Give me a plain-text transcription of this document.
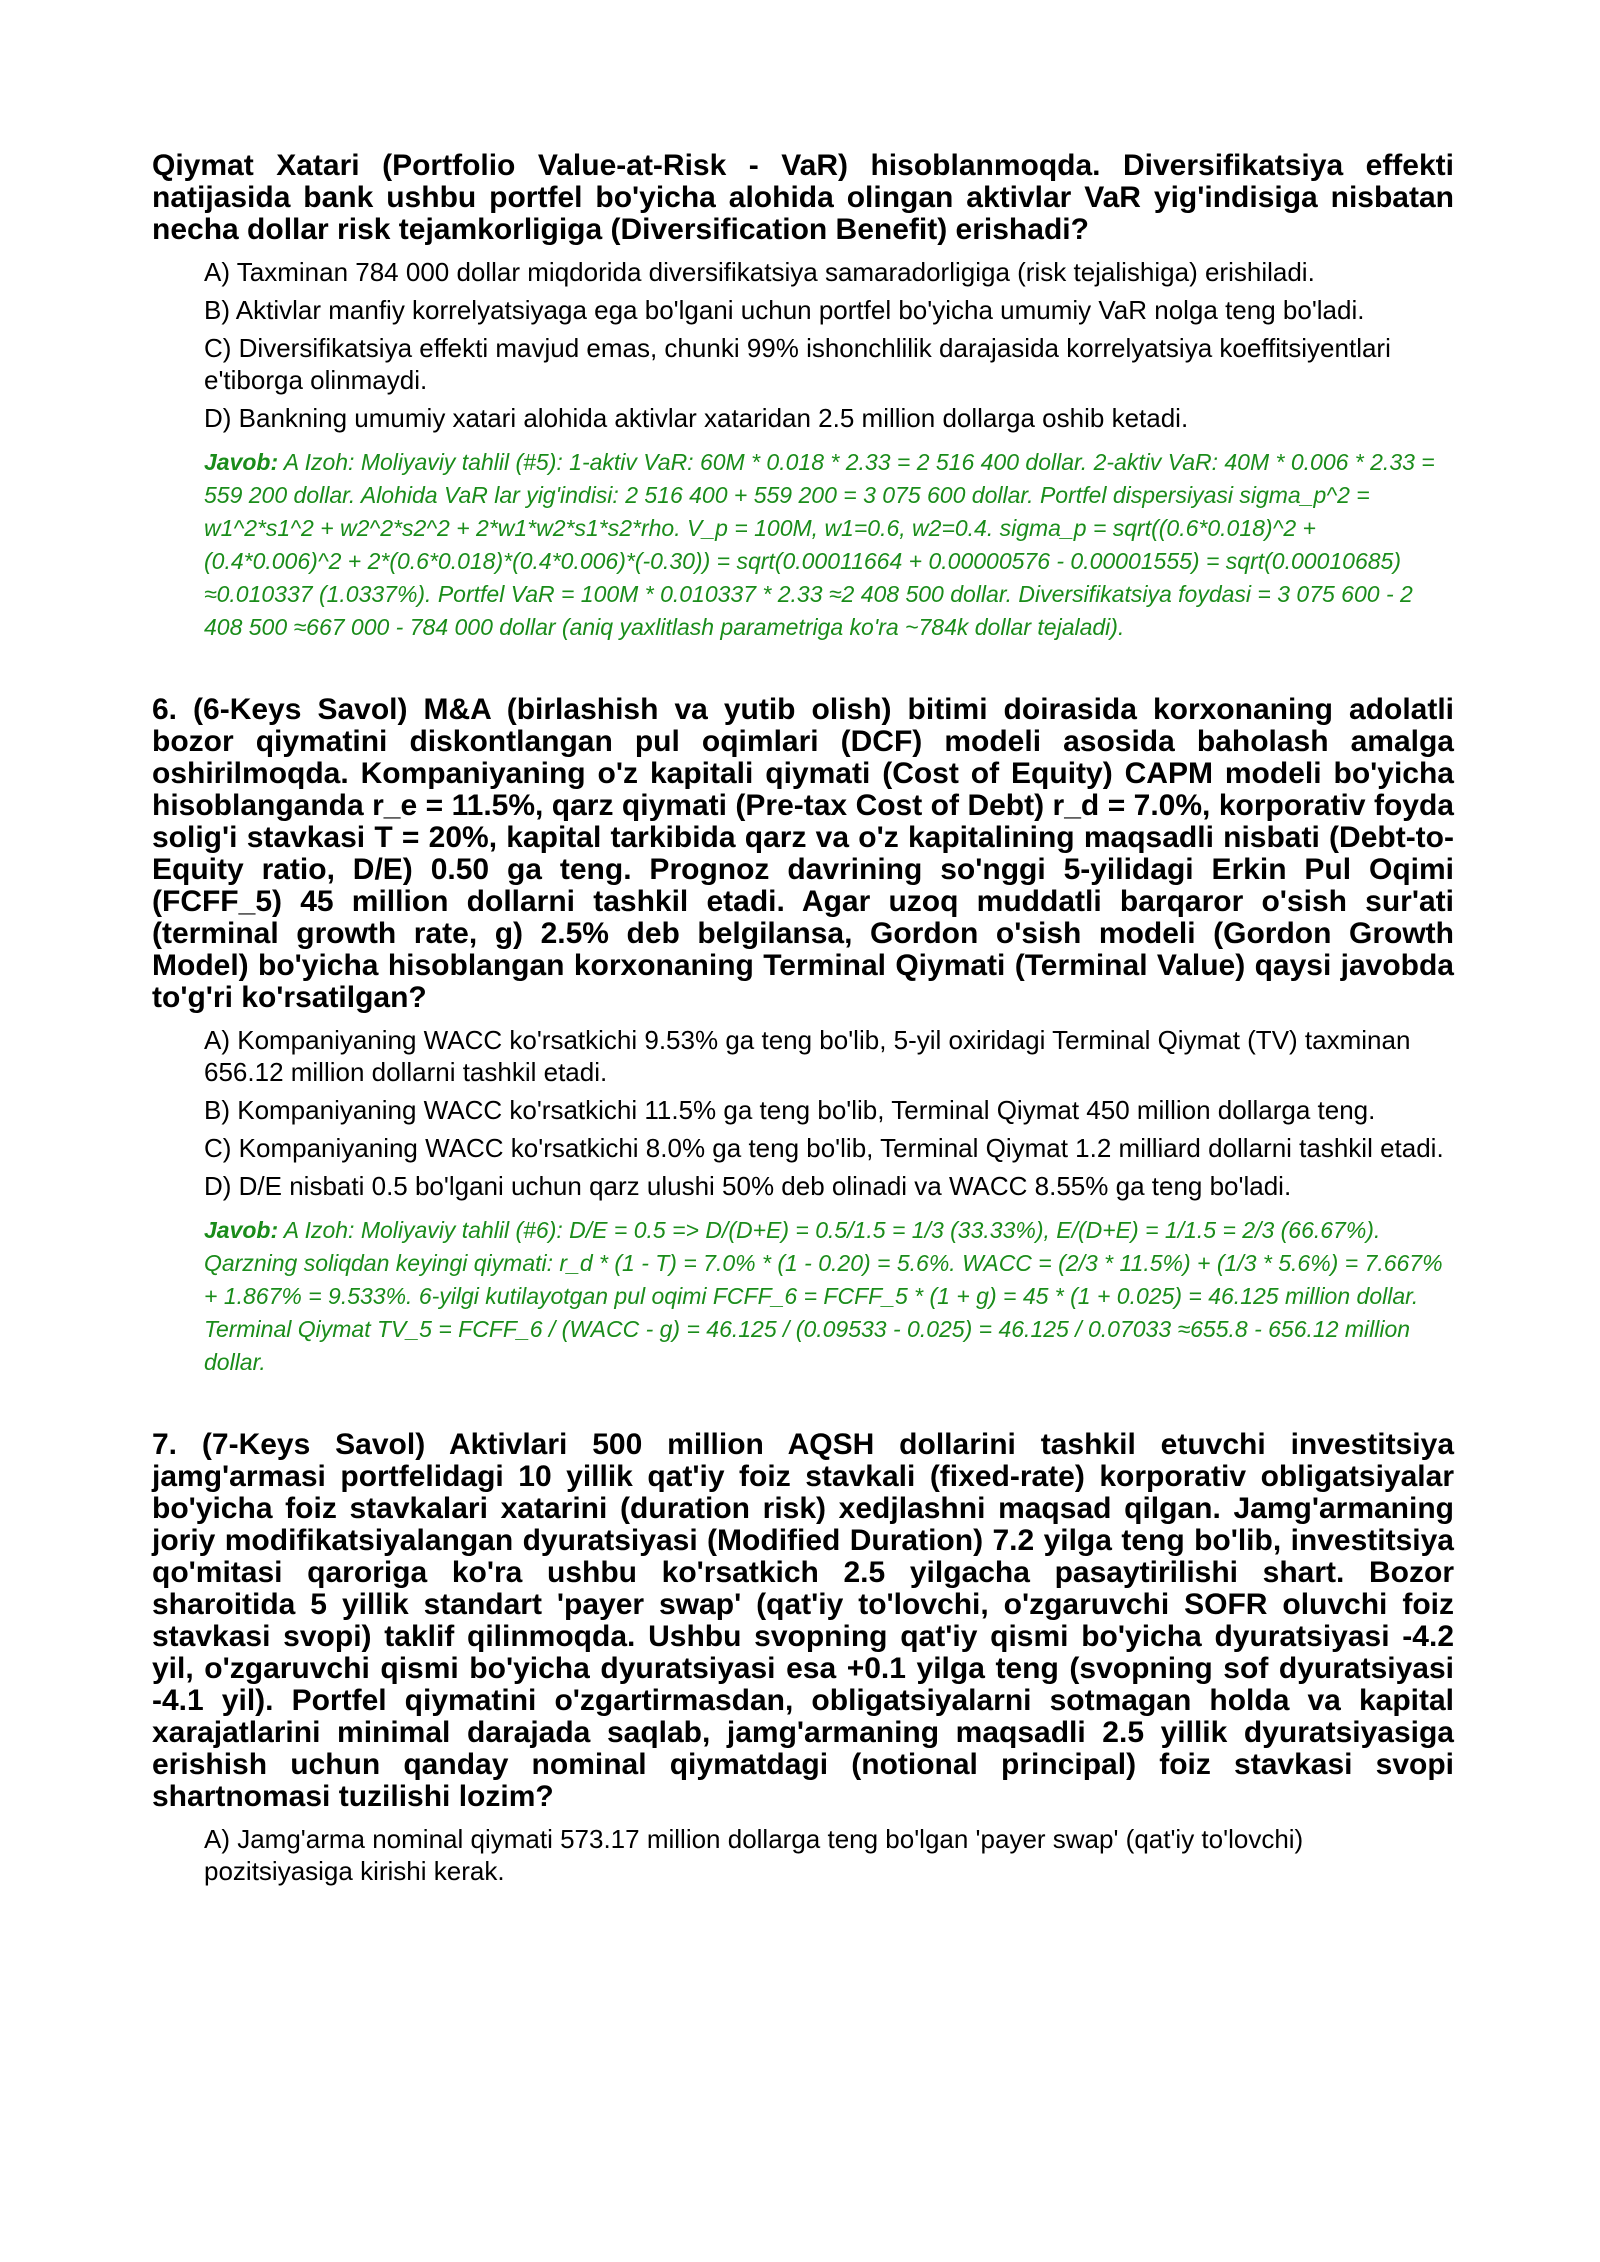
Qiymat Xatari (Portfolio Value-at-Risk - VaR) hisoblanmoqda. Diversifikatsiya effekti natijasida bank ushbu portfel bo'yicha alohida olingan aktivlar VaR yig'indisiga nisbatan necha dollar risk tejamkorligiga (Diversification Benefit) erishadi?

A) Taxminan 784 000 dollar miqdorida diversifikatsiya samaradorligiga (risk tejalishiga) erishiladi.

B) Aktivlar manfiy korrelyatsiyaga ega bo'lgani uchun portfel bo'yicha umumiy VaR nolga teng bo'ladi.

C) Diversifikatsiya effekti mavjud emas, chunki 99% ishonchlilik darajasida korrelyatsiya koeffitsiyentlari e'tiborga olinmaydi.

D) Bankning umumiy xatari alohida aktivlar xataridan 2.5 million dollarga oshib ketadi.

Javob: A Izoh: Moliyaviy tahlil (#5): 1-aktiv VaR: 60M * 0.018 * 2.33 = 2 516 400 dollar. 2-aktiv VaR: 40M * 0.006 * 2.33 = 559 200 dollar. Alohida VaR lar yig'indisi: 2 516 400 + 559 200 = 3 075 600 dollar. Portfel dispersiyasi sigma_p^2 = w1^2*s1^2 + w2^2*s2^2 + 2*w1*w2*s1*s2*rho. V_p = 100M, w1=0.6, w2=0.4. sigma_p = sqrt((0.6*0.018)^2 + (0.4*0.006)^2 + 2*(0.6*0.018)*(0.4*0.006)*(-0.30)) = sqrt(0.00011664 + 0.00000576 - 0.00001555) = sqrt(0.00010685) ≈0.010337 (1.0337%). Portfel VaR = 100M * 0.010337 * 2.33 ≈2 408 500 dollar. Diversifikatsiya foydasi = 3 075 600 - 2 408 500 ≈667 000 - 784 000 dollar (aniq yaxlitlash parametriga ko'ra ~784k dollar tejaladi).

6. (6-Keys Savol) M&A (birlashish va yutib olish) bitimi doirasida korxonaning adolatli bozor qiymatini diskontlangan pul oqimlari (DCF) modeli asosida baholash amalga oshirilmoqda. Kompaniyaning o'z kapitali qiymati (Cost of Equity) CAPM modeli bo'yicha hisoblanganda r_e = 11.5%, qarz qiymati (Pre-tax Cost of Debt) r_d = 7.0%, korporativ foyda solig'i stavkasi T = 20%, kapital tarkibida qarz va o'z kapitalining maqsadli nisbati (Debt-to-Equity ratio, D/E) 0.50 ga teng. Prognoz davrining so'nggi 5-yilidagi Erkin Pul Oqimi (FCFF_5) 45 million dollarni tashkil etadi. Agar uzoq muddatli barqaror o'sish sur'ati (terminal growth rate, g) 2.5% deb belgilansa, Gordon o'sish modeli (Gordon Growth Model) bo'yicha hisoblangan korxonaning Terminal Qiymati (Terminal Value) qaysi javobda to'g'ri ko'rsatilgan?

A) Kompaniyaning WACC ko'rsatkichi 9.53% ga teng bo'lib, 5-yil oxiridagi Terminal Qiymat (TV) taxminan 656.12 million dollarni tashkil etadi.

B) Kompaniyaning WACC ko'rsatkichi 11.5% ga teng bo'lib, Terminal Qiymat 450 million dollarga teng.

C) Kompaniyaning WACC ko'rsatkichi 8.0% ga teng bo'lib, Terminal Qiymat 1.2 milliard dollarni tashkil etadi.

D) D/E nisbati 0.5 bo'lgani uchun qarz ulushi 50% deb olinadi va WACC 8.55% ga teng bo'ladi.

Javob: A Izoh: Moliyaviy tahlil (#6): D/E = 0.5 => D/(D+E) = 0.5/1.5 = 1/3 (33.33%), E/(D+E) = 1/1.5 = 2/3 (66.67%). Qarzning soliqdan keyingi qiymati: r_d * (1 - T) = 7.0% * (1 - 0.20) = 5.6%. WACC = (2/3 * 11.5%) + (1/3 * 5.6%) = 7.667% + 1.867% = 9.533%. 6-yilgi kutilayotgan pul oqimi FCFF_6 = FCFF_5 * (1 + g) = 45 * (1 + 0.025) = 46.125 million dollar. Terminal Qiymat TV_5 = FCFF_6 / (WACC - g) = 46.125 / (0.09533 - 0.025) = 46.125 / 0.07033 ≈655.8 - 656.12 million dollar.

7. (7-Keys Savol) Aktivlari 500 million AQSH dollarini tashkil etuvchi investitsiya jamg'armasi portfelidagi 10 yillik qat'iy foiz stavkali (fixed-rate) korporativ obligatsiyalar bo'yicha foiz stavkalari xatarini (duration risk) xedjlashni maqsad qilgan. Jamg'armaning joriy modifikatsiyalangan dyuratsiyasi (Modified Duration) 7.2 yilga teng bo'lib, investitsiya qo'mitasi qaroriga ko'ra ushbu ko'rsatkich 2.5 yilgacha pasaytirilishi shart. Bozor sharoitida 5 yillik standart 'payer swap' (qat'iy to'lovchi, o'zgaruvchi SOFR oluvchi foiz stavkasi svopi) taklif qilinmoqda. Ushbu svopning qat'iy qismi bo'yicha dyuratsiyasi -4.2 yil, o'zgaruvchi qismi bo'yicha dyuratsiyasi esa +0.1 yilga teng (svopning sof dyuratsiyasi -4.1 yil). Portfel qiymatini o'zgartirmasdan, obligatsiyalarni sotmagan holda va kapital xarajatlarini minimal darajada saqlab, jamg'armaning maqsadli 2.5 yillik dyuratsiyasiga erishish uchun qanday nominal qiymatdagi (notional principal) foiz stavkasi svopi shartnomasi tuzilishi lozim?

A) Jamg'arma nominal qiymati 573.17 million dollarga teng bo'lgan 'payer swap' (qat'iy to'lovchi) pozitsiyasiga kirishi kerak.
